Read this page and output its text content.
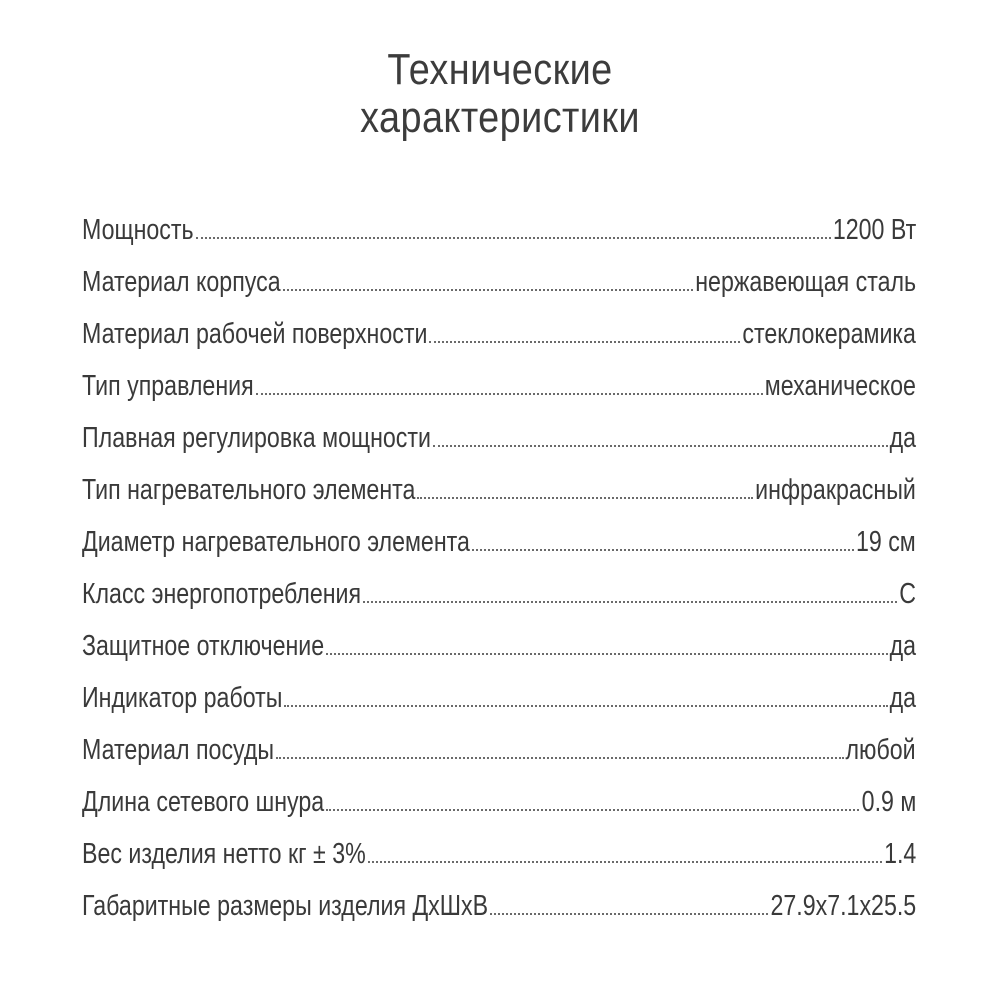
Технические
характеристики
Мощность	1200 Вт
Материал корпуса	нержавеющая сталь
Материал рабочей поверхности	стеклокерамика
Тип управления	механическое
Плавная регулировка мощности	да
Тип нагревательного элемента	инфракрасный
Диаметр нагревательного элемента	19 см
Класс энергопотребления	С
Защитное отключение	да
Индикатор работы	да
Материал посуды	любой
Длина сетевого шнура	0.9 м
Вес изделия нетто кг ± 3%	1.4
Габаритные размеры изделия ДхШхВ	27.9x7.1x25.5
